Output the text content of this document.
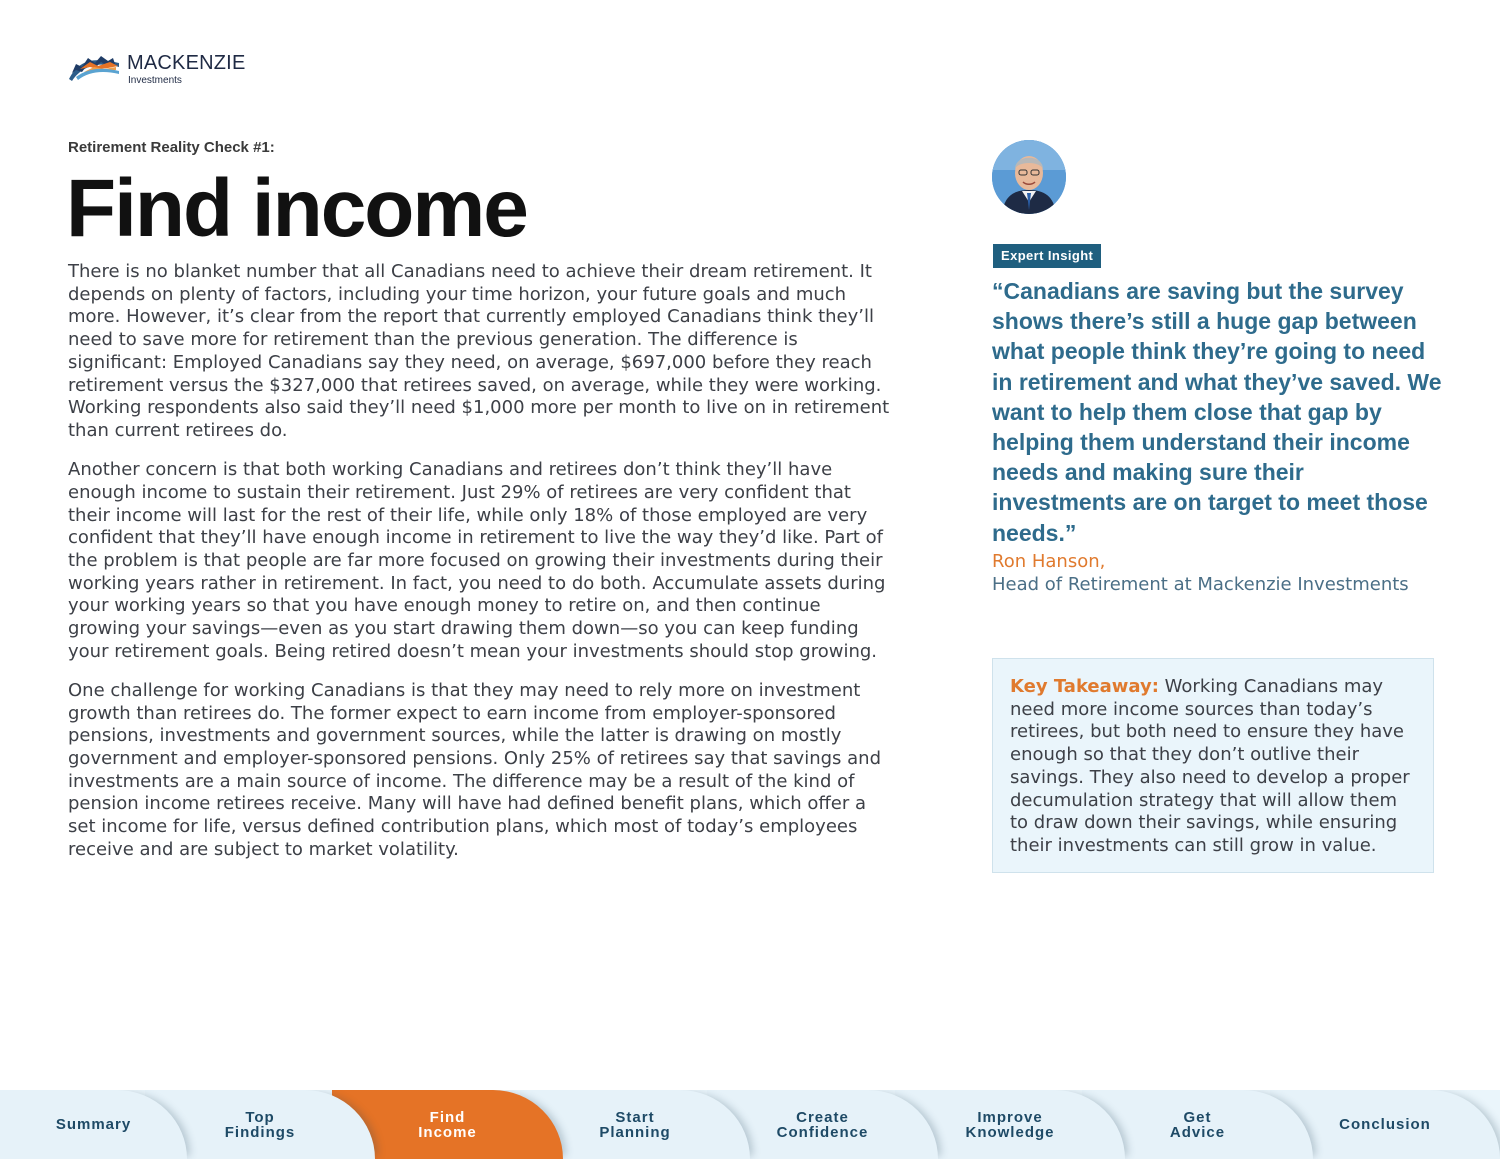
MACKENZIE
Investments
Retirement Reality Check #1:
Find income

There is no blanket number that all Canadians need to achieve their dream retirement. It depends on plenty of factors, including your time horizon, your future goals and much more. However, it’s clear from the report that currently employed Canadians think they’ll need to save more for retirement than the previous generation. The difference is significant: Employed Canadians say they need, on average, $697,000 before they reach retirement versus the $327,000 that retirees saved, on average, while they were working. Working respondents also said they’ll need $1,000 more per month to live on in retirement than current retirees do.

Another concern is that both working Canadians and retirees don’t think they’ll have enough income to sustain their retirement. Just 29% of retirees are very confident that their income will last for the rest of their life, while only 18% of those employed are very confident that they’ll have enough income in retirement to live the way they’d like. Part of the problem is that people are far more focused on growing their investments during their working years rather in retirement. In fact, you need to do both. Accumulate assets during your working years so that you have enough money to retire on, and then continue growing your savings—even as you start drawing them down—so you can keep funding your retirement goals. Being retired doesn’t mean your investments should stop growing.

One challenge for working Canadians is that they may need to rely more on investment growth than retirees do. The former expect to earn income from employer-sponsored pensions, investments and government sources, while the latter is drawing on mostly government and employer-sponsored pensions. Only 25% of retirees say that savings and investments are a main source of income. The difference may be a result of the kind of pension income retirees receive. Many will have had defined benefit plans, which offer a set income for life, versus defined contribution plans, which most of today’s employees receive and are subject to market volatility.

Expert Insight

“Canadians are saving but the survey shows there’s still a huge gap between what people think they’re going to need in retirement and what they’ve saved. We want to help them close that gap by helping them understand their income needs and making sure their investments are on target to meet those needs.”

Ron Hanson,
Head of Retirement at Mackenzie Investments
Key Takeaway: Working Canadians may need more income sources than today’s retirees, but both need to ensure they have enough so that they don’t outlive their savings. They also need to develop a proper decumulation strategy that will allow them to draw down their savings, while ensuring their investments can still grow in value.
Summary	Top
Findings
Find
Income
Start
Planning
Create
Confidence
Improve
Knowledge
Get
Advice	Conclusion
